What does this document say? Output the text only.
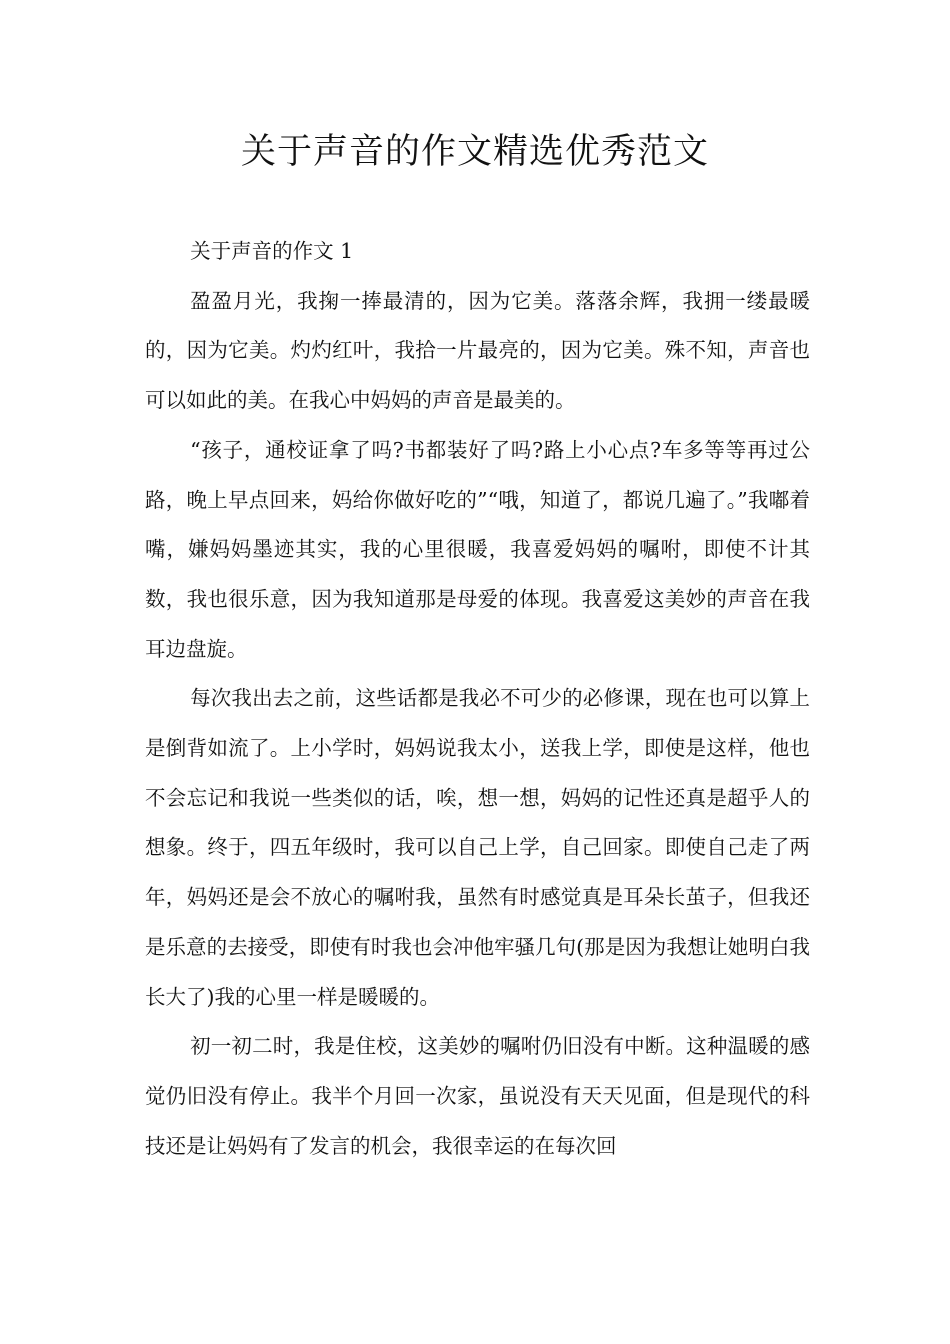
关于声音的作文精选优秀范文

关于声音的作文 1

盈盈月光，我掬一捧最清的，因为它美。落落余辉，我拥一缕最暖的，因为它美。灼灼红叶，我拾一片最亮的，因为它美。殊不知，声音也可以如此的美。在我心中妈妈的声音是最美的。

“孩子，通校证拿了吗?书都装好了吗?路上小心点?车多等等再过公路，晚上早点回来，妈给你做好吃的”“哦，知道了，都说几遍了。”我嘟着嘴，嫌妈妈墨迹其实，我的心里很暖，我喜爱妈妈的嘱咐，即使不计其数，我也很乐意，因为我知道那是母爱的体现。我喜爱这美妙的声音在我耳边盘旋。

每次我出去之前，这些话都是我必不可少的必修课，现在也可以算上是倒背如流了。上小学时，妈妈说我太小，送我上学，即使是这样，他也不会忘记和我说一些类似的话，唉，想一想，妈妈的记性还真是超乎人的想象。终于，四五年级时，我可以自己上学，自己回家。即使自己走了两年，妈妈还是会不放心的嘱咐我，虽然有时感觉真是耳朵长茧子，但我还是乐意的去接受，即使有时我也会冲他牢骚几句(那是因为我想让她明白我长大了)我的心里一样是暖暖的。

初一初二时，我是住校，这美妙的嘱咐仍旧没有中断。这种温暖的感觉仍旧没有停止。我半个月回一次家，虽说没有天天见面，但是现代的科技还是让妈妈有了发言的机会，我很幸运的在每次回
